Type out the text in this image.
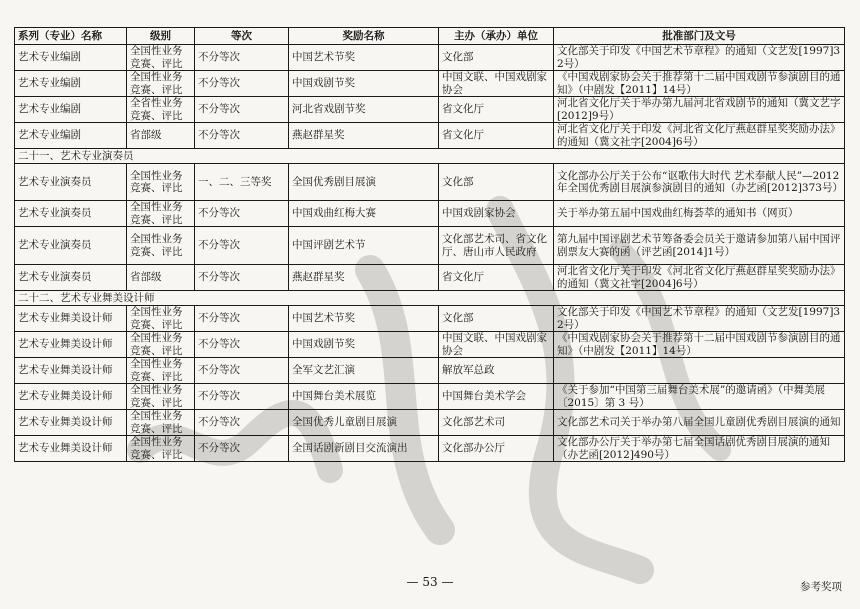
系列（专业）名称	级别	等次	奖励名称	主办（承办）单位	批准部门及文号
艺术专业编剧	全国性业务竞赛、评比	不分等次	中国艺术节奖	文化部	文化部关于印发《中国艺术节章程》的通知（文艺发[1997]32号）
艺术专业编剧	全国性业务竞赛、评比	不分等次	中国戏剧节奖	中国文联、中国戏剧家协会	《中国戏剧家协会关于推荐第十二届中国戏剧节参演剧目的通知》（中剧发【2011】14号）
艺术专业编剧	全省性业务竞赛、评比	不分等次	河北省戏剧节奖	省文化厅	河北省文化厅关于举办第九届河北省戏剧节的通知（冀文艺字[2012]9号）
艺术专业编剧	省部级	不分等次	燕赵群星奖	省文化厅	河北省文化厅关于印发《河北省文化厅燕赵群星奖奖励办法》的通知（冀文社字[2004]6号）
二十一、艺术专业演奏员					
艺术专业演奏员	全国性业务竞赛、评比	一、二、三等奖	全国优秀剧目展演	文化部	文化部办公厅关于公布“讴歌伟大时代 艺术奉献人民”—2012年全国优秀剧目展演参演剧目的通知（办艺函[2012]373号）
艺术专业演奏员	全国性业务竞赛、评比	不分等次	中国戏曲红梅大赛	中国戏剧家协会	关于举办第五届中国戏曲红梅荟萃的通知书（网页）
艺术专业演奏员	全国性业务竞赛、评比	不分等次	中国评剧艺术节	文化部艺术司、省文化厅、唐山市人民政府	第九届中国评剧艺术节筹备委会员关于邀请参加第八届中国评剧票友大赛的函（评艺函[2014]1号）
艺术专业演奏员	省部级	不分等次	燕赵群星奖	省文化厅	河北省文化厅关于印发《河北省文化厅燕赵群星奖奖励办法》的通知（冀文社字[2004]6号）
二十二、艺术专业舞美设计师					
艺术专业舞美设计师	全国性业务竞赛、评比	不分等次	中国艺术节奖	文化部	文化部关于印发《中国艺术节章程》的通知（文艺发[1997]32号）
艺术专业舞美设计师	全国性业务竞赛、评比	不分等次	中国戏剧节奖	中国文联、中国戏剧家协会	《中国戏剧家协会关于推荐第十二届中国戏剧节参演剧目的通知》（中剧发【2011】14号）
艺术专业舞美设计师	全国性业务竞赛、评比	不分等次	全军文艺汇演	解放军总政	
艺术专业舞美设计师	全国性业务竞赛、评比	不分等次	中国舞台美术展览	中国舞台美术学会	《关于参加“中国第三届舞台美术展”的邀请函》（中舞美展〔2015〕第 3 号）
艺术专业舞美设计师	全国性业务竞赛、评比	不分等次	全国优秀儿童剧目展演	文化部艺术司	文化部艺术司关于举办第八届全国儿童剧优秀剧目展演的通知
艺术专业舞美设计师	全国性业务竞赛、评比	不分等次	全国话剧新剧目交流演出	文化部办公厅	文化部办公厅关于举办第七届全国话剧优秀剧目展演的通知（办艺函[2012]490号）
— 53 —	参考奖项
